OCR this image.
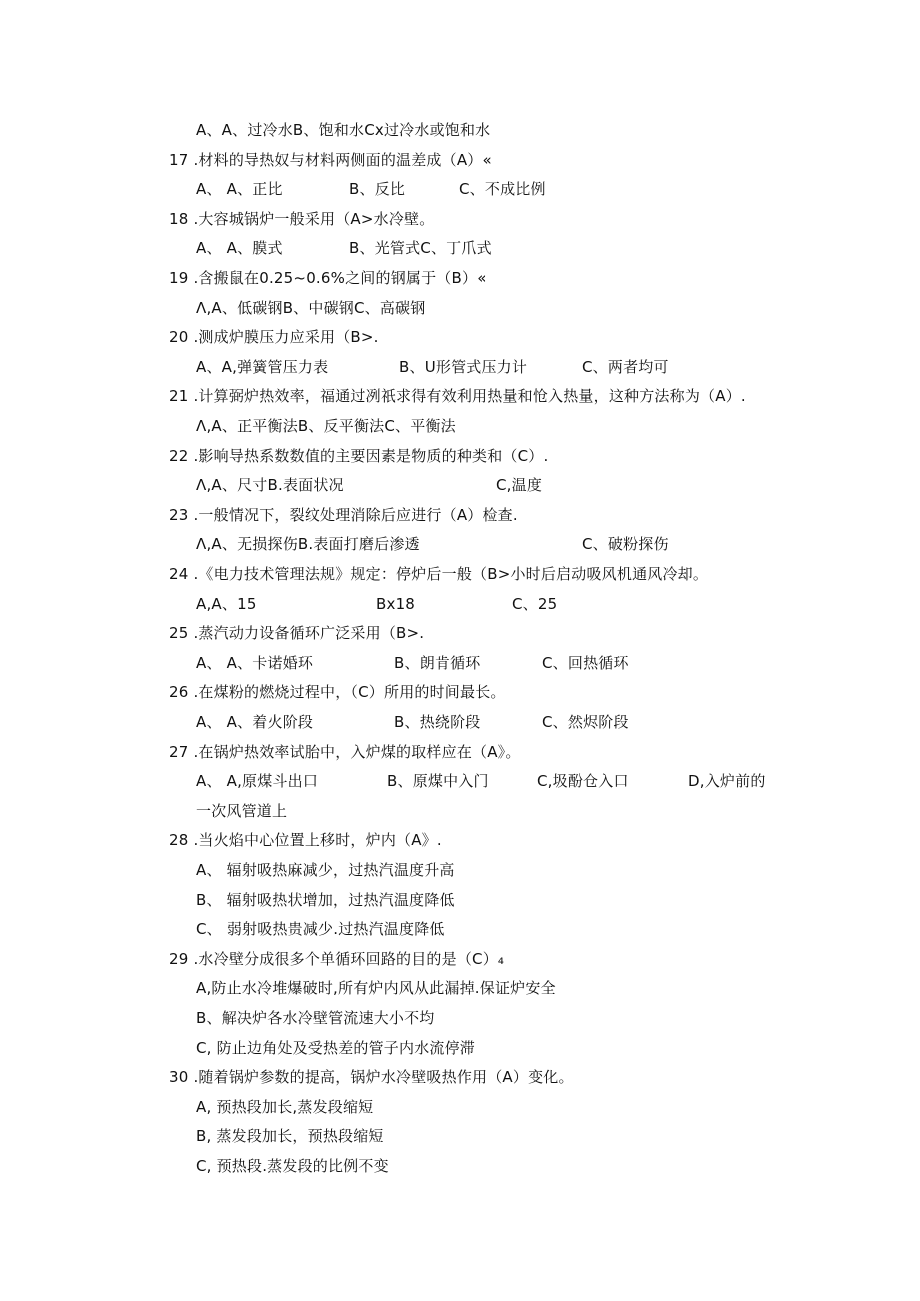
A、A、过冷水B、饱和水Cx过冷水或饱和水
17 .材料的导热奴与材料两侧面的温差成（A）«
A、 A、正比	B、反比	C、不成比例
18 .大容城锅炉一般采用（A>水冷壁。
A、 A、膜式	B、光管式C、丁爪式
19 .含搬鼠在0.25~0.6%之间的钢属于（B）«
Λ,A、低碳钢B、中碳钢C、高碳钢
20 .测成炉膜压力应采用（B>.
A、A,弹簧管压力表	B、U形管式压力计	C、两者均可
21 .计算弼炉热效率，福通过冽祇求得有效利用热量和怆入热量，这种方法称为（A）.
Λ,A、正平衡法B、反平衡法C、平衡法
22 .影响导热系数数值的主要因素是物质的种类和（C）.
Λ,A、尺寸B.表面状况	C,温度
23 .一般情况下，裂纹处理消除后应进行（A）检查.
Λ,A、无损探伤B.表面打磨后渗透	C、破粉探伤
24 .《电力技术管理法规》规定：停炉后一般（B>小时后启动吸风机通风冷却。
A,A、15	Bx18	C、25
25 .蒸汽动力设备循环广泛采用（B>.
A、 A、卡诺婚环	B、朗肯循环	C、回热循环
26 .在煤粉的燃烧过程中，（C）所用的时间最长。
A、 A、着火阶段	B、热绕阶段	C、然烬阶段
27 .在锅炉热效率试胎中，入炉煤的取样应在（A》。
A、 A,原煤斗出口	B、原煤中入门	C,圾酚仓入口	D,入炉前的
一次风管道上
28 .当火焰中心位置上移时，炉内（A》.
A、 辐射吸热麻减少，过热汽温度升高
B、 辐射吸热状增加，过热汽温度降低
C、 弱射吸热贵减少.过热汽温度降低
29 .水冷壁分成很多个单循环回路的目的是（C）₄
A,防止水冷堆爆破时,所有炉内风从此漏掉.保证炉安全
B、解决炉各水冷壁管流速大小不均
C, 防止边角处及受热差的管子内水流停滞
30 .随着锅炉参数的提高，锅炉水冷壁吸热作用（A）变化。
A, 预热段加长,蒸发段缩短
B, 蒸发段加长，预热段缩短
C, 预热段.蒸发段的比例不变
